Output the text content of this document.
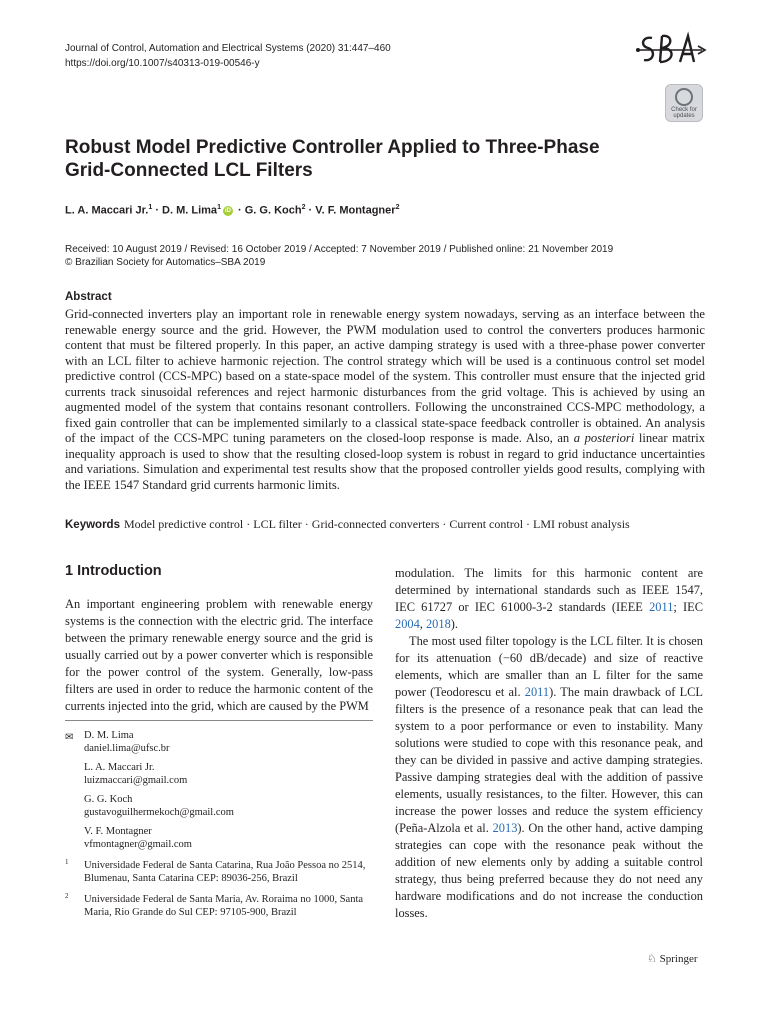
Journal of Control, Automation and Electrical Systems (2020) 31:447–460
https://doi.org/10.1007/s40313-019-00546-y
Check for updates
Robust Model Predictive Controller Applied to Three-Phase Grid-Connected LCL Filters
L. A. Maccari Jr.$^1$ · D. M. Lima$^1$ iD · G. G. Koch$^2$ · V. F. Montagner$^2$
Received: 10 August 2019 / Revised: 16 October 2019 / Accepted: 7 November 2019 / Published online: 21 November 2019
© Brazilian Society for Automatics–SBA 2019
Abstract
Grid-connected inverters play an important role in renewable energy system nowadays, serving as an interface between the renewable energy source and the grid. However, the PWM modulation used to control the converters produces harmonic content that must be filtered properly. In this paper, an active damping strategy is used with a three-phase power converter with an LCL filter to achieve harmonic rejection. The control strategy which will be used is a continuous control set model predictive control (CCS-MPC) based on a state-space model of the system. This controller must ensure that the injected grid currents track sinusoidal references and reject harmonic disturbances from the grid voltage. This is achieved by using an augmented model of the system that contains resonant controllers. Following the unconstrained CCS-MPC methodology, a fixed gain controller that can be implemented similarly to a classical state-space feedback controller is obtained. An analysis of the impact of the CCS-MPC tuning parameters on the closed-loop response is made. Also, an a posteriori linear matrix inequality approach is used to show that the resulting closed-loop system is robust in regard to grid inductance uncertainties and variations. Simulation and experimental test results show that the proposed controller yields good results, complying with the IEEE 1547 Standard grid currents harmonic limits.
Keywords Model predictive control · LCL filter · Grid-connected converters · Current control · LMI robust analysis
1 Introduction
An important engineering problem with renewable energy systems is the connection with the electric grid. The interface between the primary renewable energy source and the grid is usually carried out by a power converter which is responsible for the power control of the system. Generally, low-pass filters are used in order to reduce the harmonic content of the currents injected into the grid, which are caused by the PWM
✉ D. M. Lima
daniel.lima@ufsc.br
L. A. Maccari Jr.
luizmaccari@gmail.com
G. G. Koch
gustavoguilhermekoch@gmail.com
V. F. Montagner
vfmontagner@gmail.com
1 Universidade Federal de Santa Catarina, Rua João Pessoa no 2514, Blumenau, Santa Catarina CEP: 89036-256, Brazil
2 Universidade Federal de Santa Maria, Av. Roraima no 1000, Santa Maria, Rio Grande do Sul CEP: 97105-900, Brazil

modulation. The limits for this harmonic content are determined by international standards such as IEEE 1547, IEC 61727 or IEC 61000-3-2 standards (IEEE 2011; IEC 2004, 2018).

The most used filter topology is the LCL filter. It is chosen for its attenuation (−60 dB/decade) and size of reactive elements, which are smaller than an L filter for the same power (Teodorescu et al. 2011). The main drawback of LCL filters is the presence of a resonance peak that can lead the system to a poor performance or even to instability. Many solutions were studied to cope with this resonance peak, and they can be divided in passive and active damping strategies. Passive damping strategies deal with the addition of passive elements, usually resistances, to the filter. However, this can increase the power losses and reduce the system efficiency (Peña-Alzola et al. 2013). On the other hand, active damping strategies can cope with the resonance peak without the addition of new elements only by adding a suitable control strategy, thus being preferred because they do not need any hardware modifications and do not increase the conduction losses.

♘ Springer
